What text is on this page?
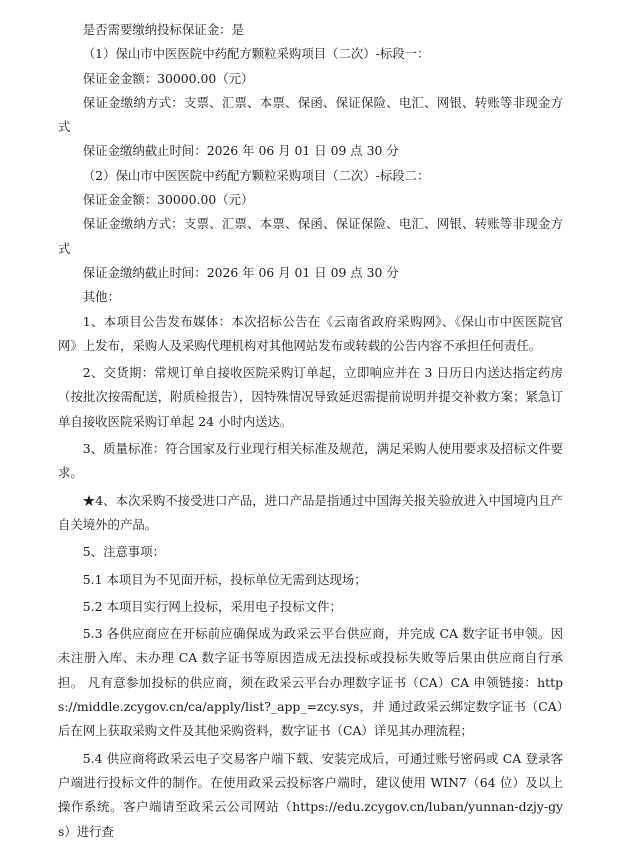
是否需要缴纳投标保证金：是

（1）保山市中医医院中药配方颗粒采购项目（二次）-标段一：

保证金金额：30000.00（元）

保证金缴纳方式：支票、汇票、本票、保函、保证保险、电汇、网银、转账等非现金方式

保证金缴纳截止时间：2026 年 06 月 01 日 09 点 30 分

（2）保山市中医医院中药配方颗粒采购项目（二次）-标段二：

保证金金额：30000.00（元）

保证金缴纳方式：支票、汇票、本票、保函、保证保险、电汇、网银、转账等非现金方式

保证金缴纳截止时间：2026 年 06 月 01 日 09 点 30 分

其他：

1、本项目公告发布媒体：本次招标公告在《云南省政府采购网》、《保山市中医医院官网》上发布，采购人及采购代理机构对其他网站发布或转载的公告内容不承担任何责任。

2、交货期：常规订单自接收医院采购订单起，立即响应并在 3 日历日内送达指定药房（按批次按需配送，附质检报告），因特殊情况导致延迟需提前说明并提交补救方案；紧急订单自接收医院采购订单起 24 小时内送达。

3、质量标准：符合国家及行业现行相关标准及规范，满足采购人使用要求及招标文件要求。

★4、本次采购不接受进口产品，进口产品是指通过中国海关报关验放进入中国境内且产自关境外的产品。

5、注意事项：

5.1 本项目为不见面开标，投标单位无需到达现场；

5.2 本项目实行网上投标，采用电子投标文件；

5.3 各供应商应在开标前应确保成为政采云平台供应商，并完成 CA 数字证书申领。因未注册入库、未办理 CA 数字证书等原因造成无法投标或投标失败等后果由供应商自行承担。 凡有意参加投标的供应商，须在政采云平台办理数字证书（CA）CA 申领链接：https://middle.zcygov.cn/ca/apply/list?_app_=zcy.sys，并 通过政采云绑定数字证书（CA）后在网上获取采购文件及其他采购资料，数字证书（CA）详见其办理流程；

5.4 供应商将政采云电子交易客户端下载、安装完成后，可通过账号密码或 CA 登录客户端进行投标文件的制作。在使用政采云投标客户端时，建议使用 WIN7（64 位）及以上操作系统。客户端请至政采云公司网站（https://edu.zcygov.cn/luban/yunnan-dzjy-gys）进行查
